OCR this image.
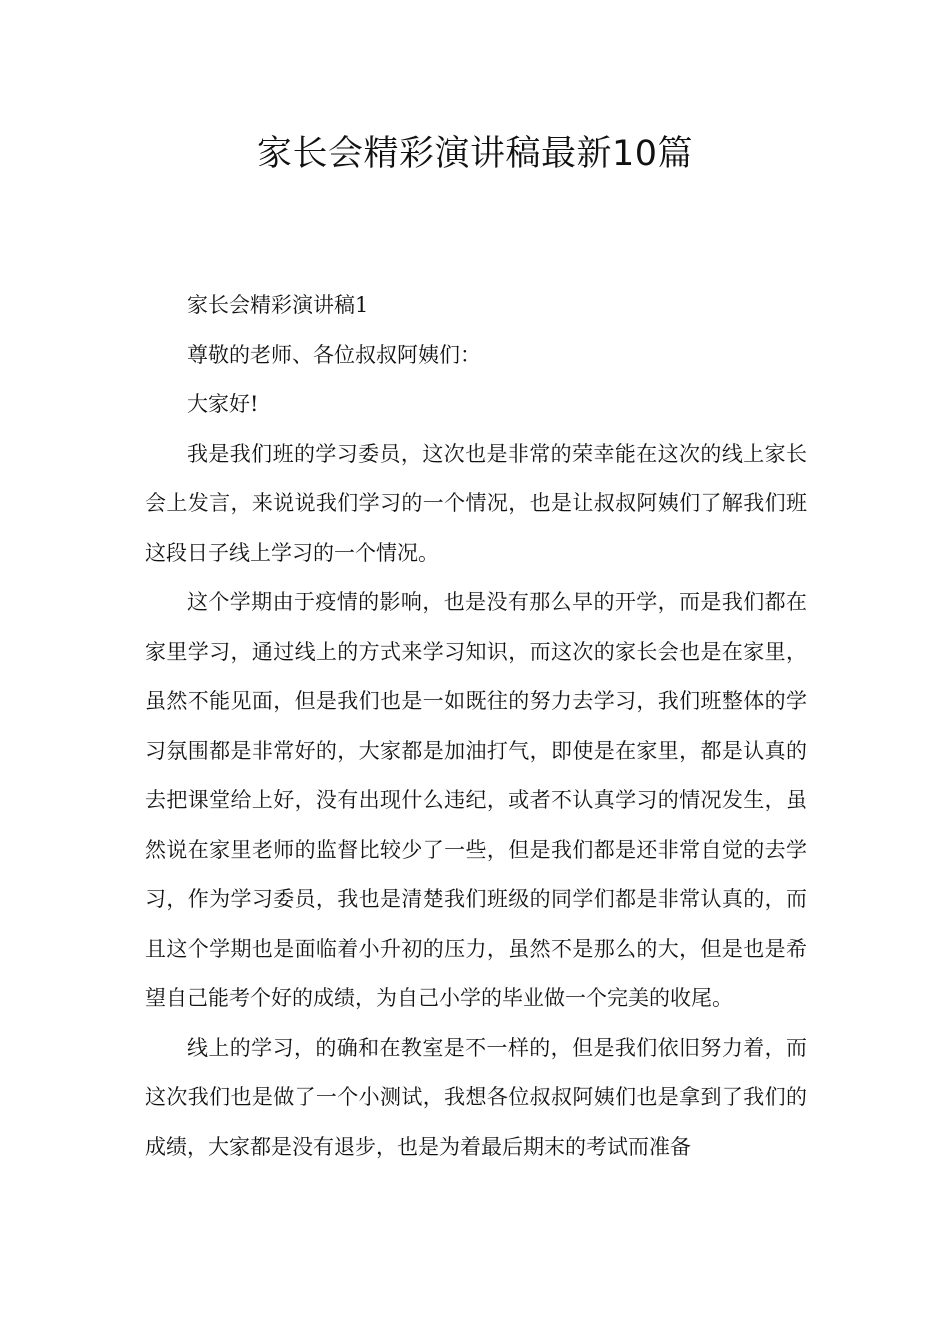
家长会精彩演讲稿最新10篇

家长会精彩演讲稿1

尊敬的老师、各位叔叔阿姨们：

大家好!

我是我们班的学习委员，这次也是非常的荣幸能在这次的线上家长会上发言，来说说我们学习的一个情况，也是让叔叔阿姨们了解我们班这段日子线上学习的一个情况。

这个学期由于疫情的影响，也是没有那么早的开学，而是我们都在家里学习，通过线上的方式来学习知识，而这次的家长会也是在家里，虽然不能见面，但是我们也是一如既往的努力去学习，我们班整体的学习氛围都是非常好的，大家都是加油打气，即使是在家里，都是认真的去把课堂给上好，没有出现什么违纪，或者不认真学习的情况发生，虽然说在家里老师的监督比较少了一些，但是我们都是还非常自觉的去学习，作为学习委员，我也是清楚我们班级的同学们都是非常认真的，而且这个学期也是面临着小升初的压力，虽然不是那么的大，但是也是希望自己能考个好的成绩，为自己小学的毕业做一个完美的收尾。

线上的学习，的确和在教室是不一样的，但是我们依旧努力着，而这次我们也是做了一个小测试，我想各位叔叔阿姨们也是拿到了我们的成绩，大家都是没有退步，也是为着最后期末的考试而准备
